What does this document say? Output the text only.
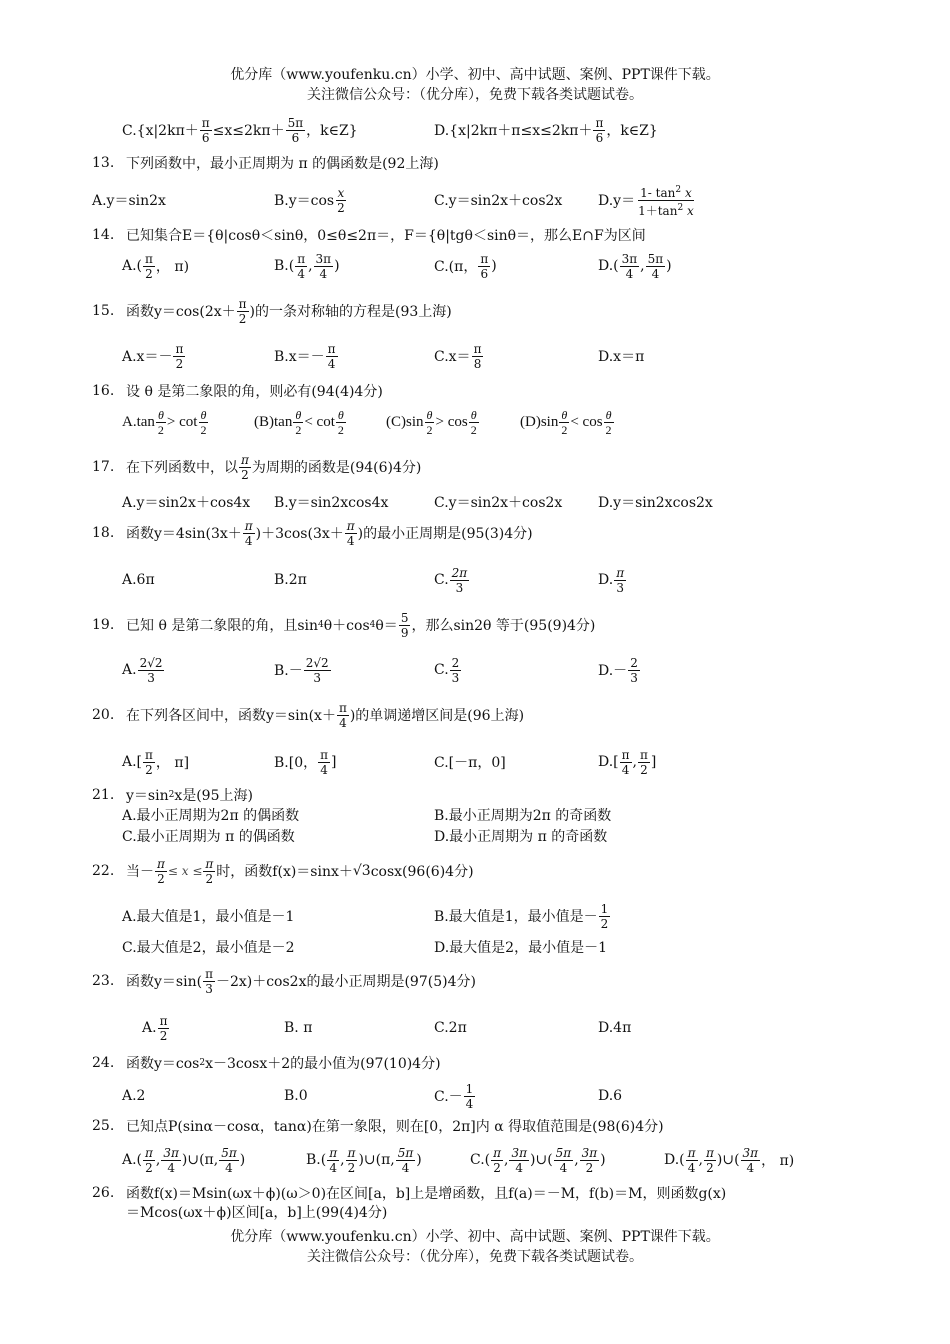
优分库（www.youfenku.cn）小学、初中、高中试题、案例、PPT课件下载。
关注微信公众号：（优分库），免费下载各类试题试卷。
$C.\{x|2k\pi+ \frac{\pi}{6} \le x\le 2k\pi+ \frac{5\pi}{6}$ ，k∈Z}	$D.\{x|2k\pi+\pi\le x\le 2k\pi+ \frac{\pi}{6}$ ，k∈Z}
13. 下列函数中，最小正周期为 π 的偶函数是(92上海)
A.y＝sin2x	$B.y=\cos \frac{x}{2}$	C.y＝sin2x＋cos2x	$D.y= \frac{1- \tan^2 x}{1+\tan^2 x}$
14. 已知集合E＝{θ|cosθ＜sinθ，0≤θ≤2π＝，F＝{θ|tgθ＜sinθ＝，那么E∩F为区间
$A.( \frac{\pi}{2}$ ， π)	$B.( \frac{\pi}{4}$ , $\frac{3\pi}{4}$ )	C.(π， $\frac{\pi}{6}$ )	$D.( \frac{3\pi}{4}$ , $\frac{5\pi}{4}$ )
15. 函数$y=\cos(2x+ \frac{\pi}{2}$ )的一条对称轴的方程是(93上海)
$A.x=- \frac{\pi}{2}$	$B.x=- \frac{\pi}{4}$	$C.x= \frac{\pi}{8}$	D.x＝π
16. 设 θ 是第二象限的角，则必有(94(4)4分)
$A.\tan \frac{\theta}{2} > \cot \frac{\theta}{2}$	$(B)\tan \frac{\theta}{2} < \cot \frac{\theta}{2}$	$(C)\sin \frac{\theta}{2} > \cos \frac{\theta}{2}$	$(D)\sin \frac{\theta}{2} < \cos \frac{\theta}{2}$
17. 在下列函数中，以 $\frac{\pi}{2}$ 为周期的函数是(94(6)4分)
A.y＝sin2x＋cos4x B.y＝sin2xcos4x	C.y＝sin2x＋cos2x	D.y＝sin2xcos2x
18. 函数$y=4\sin(3x+ \frac{\pi}{4} )+3\cos(3x+ \frac{\pi}{4}$ )的最小正周期是(95(3)4分)
A.6π	B.2π	C. $\frac{2\pi}{3}$	D. $\frac{\pi}{3}$
19. 已知 θ 是第二象限的角，且sin 4 θ＋cos 4 $\theta= \frac{5}{9}$ ，那么sin2θ 等于(95(9)4分)
A. $\frac{2√2}{3}$	$B.- \frac{2√2}{3}$	C. $\frac{2}{3}$	$D.- \frac{2}{3}$
20. 在下列各区间中，函数$y=\sin(x+ \frac{\pi}{4}$ )的单调递增区间是(96上海)
$A.[ \frac{\pi}{2}$ ， π]	B.[0， $\frac{\pi}{4}$ ]	C.[－π，0]	$D.[ \frac{\pi}{4}$ , $\frac{\pi}{2}$ ]
21. y＝sin 2 x是(95上海)
A.最小正周期为2π 的偶函数	B.最小正周期为2π 的奇函数
C.最小正周期为 π 的偶函数	D.最小正周期为 π 的奇函数
22. 当－ $\frac{\pi}{2} \le x \le \frac{\pi}{2}$ 时，函数f(x)＝sinx＋ √3 cosx(96(6)4分)
A.最大值是1，最小值是－1	B.最大值是1，最小值是－ $\frac{1}{2}$
C.最大值是2，最小值是－2	D.最大值是2，最小值是－1
23. 函数$y=\sin( \frac{\pi}{3} -2x)+\cos 2x$的最小正周期是(97(5)4分)
A. $\frac{\pi}{2}$	B. π	C.2π	D.4π
24. 函数y＝cos 2 x－3cosx＋2的最小值为(97(10)4分)
A.2	B.0	$C.- \frac{1}{4}$	D.6
25. 已知点P(sinα－cosα，tanα)在第一象限，则在[0，2π]内 α 得取值范围是(98(6)4分)
$A.( \frac{\pi}{2}$ , $\frac{3\pi}{4}$ )∪(π, $\frac{5\pi}{4}$ )	$B.( \frac{\pi}{4}$ , $\frac{\pi}{2}$ )∪(π, $\frac{5\pi}{4}$ )	$C.( \frac{\pi}{2}$ , $\frac{3\pi}{4}$ )∪( $\frac{5\pi}{4}$ , $\frac{3\pi}{2}$ )	$D.( \frac{\pi}{4}$ , $\frac{\pi}{2}$ )∪( $\frac{3\pi}{4}$ ， π)
26. 函数f(x)＝Msin(ωx＋ϕ)(ω＞0)在区间[a，b]上是增函数，且f(a)＝－M，f(b)＝M，则函数g(x)
＝Mcos(ωx＋ϕ)区间[a，b]上(99(4)4分)
优分库（www.youfenku.cn）小学、初中、高中试题、案例、PPT课件下载。
关注微信公众号：（优分库），免费下载各类试题试卷。
